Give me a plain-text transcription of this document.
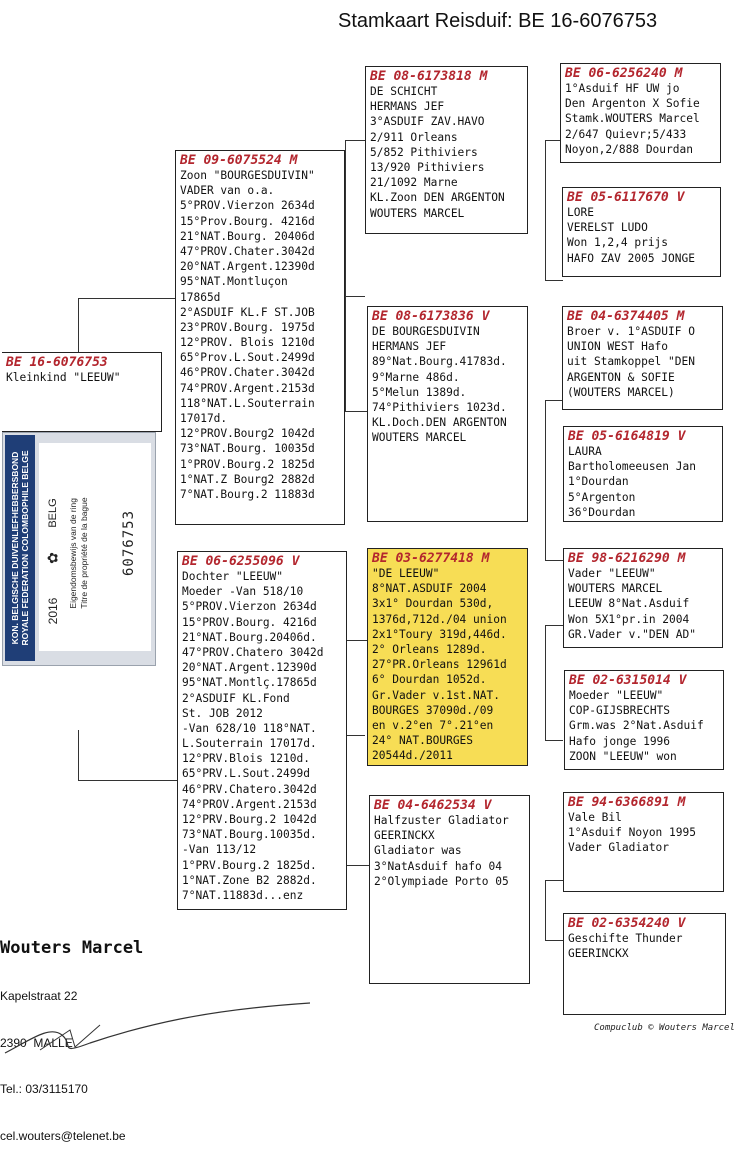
Stamkaart Reisduif: BE 16-6076753
BE 16-6076753
Kleinkind "LEEUW"
BE 09-6075524 M
Zoon "BOURGESDUIVIN"
VADER van o.a.
5°PROV.Vierzon 2634d
15°Prov.Bourg. 4216d
21°NAT.Bourg. 20406d
47°PROV.Chater.3042d
20°NAT.Argent.12390d
95°NAT.Montluçon
17865d
2°ASDUIF KL.F ST.JOB
23°PROV.Bourg. 1975d
12°PROV. Blois 1210d
65°Prov.L.Sout.2499d
46°PROV.Chater.3042d
74°PROV.Argent.2153d
118°NAT.L.Souterrain
17017d.
12°PROV.Bourg2 1042d
73°NAT.Bourg. 10035d
1°PROV.Bourg.2 1825d
1°NAT.Z Bourg2 2882d
7°NAT.Bourg.2 11883d
BE 06-6255096 V
Dochter "LEEUW"
Moeder -Van 518/10
5°PROV.Vierzon 2634d
15°PROV.Bourg. 4216d
21°NAT.Bourg.20406d.
47°PROV.Chatero 3042d
20°NAT.Argent.12390d
95°NAT.Montlç.17865d
2°ASDUIF KL.Fond
St. JOB 2012
-Van 628/10 118°NAT.
L.Souterrain 17017d.
12°PRV.Blois 1210d.
65°PRV.L.Sout.2499d
46°PRV.Chatero.3042d
74°PROV.Argent.2153d
12°PRV.Bourg.2 1042d
73°NAT.Bourg.10035d.
-Van 113/12
1°PRV.Bourg.2 1825d.
1°NAT.Zone B2 2882d.
7°NAT.11883d...enz
BE 08-6173818 M
DE SCHICHT
HERMANS JEF
3°ASDUIF ZAV.HAVO
2/911 Orleans
5/852 Pithiviers
13/920 Pithiviers
21/1092 Marne
KL.Zoon DEN ARGENTON
WOUTERS MARCEL
BE 08-6173836 V
DE BOURGESDUIVIN
HERMANS JEF
89°Nat.Bourg.41783d.
9°Marne 486d.
5°Melun 1389d.
74°Pithiviers 1023d.
KL.Doch.DEN ARGENTON
WOUTERS MARCEL
BE 03-6277418 M
"DE LEEUW"
8°NAT.ASDUIF 2004
3x1° Dourdan 530d,
1376d,712d./04 union
2x1°Toury 319d,446d.
2° Orleans 1289d.
27°PR.Orleans 12961d
6° Dourdan 1052d.
Gr.Vader v.1st.NAT.
BOURGES 37090d./09
en v.2°en 7°.21°en
24° NAT.BOURGES
20544d./2011
BE 04-6462534 V
Halfzuster Gladiator
GEERINCKX
Gladiator was
3°NatAsduif hafo 04
2°Olympiade Porto 05
BE 06-6256240 M
1°Asduif HF UW jo
Den Argenton X Sofie
Stamk.WOUTERS Marcel
2/647 Quievr;5/433
Noyon,2/888 Dourdan
BE 05-6117670 V
LORE
VERELST LUDO
Won 1,2,4 prijs
HAFO ZAV 2005 JONGE
BE 04-6374405 M
Broer v. 1°ASDUIF O
UNION WEST Hafo
uit Stamkoppel "DEN
ARGENTON & SOFIE
(WOUTERS MARCEL)
BE 05-6164819 V
LAURA
Bartholomeeusen Jan
1°Dourdan
5°Argenton
36°Dourdan
BE 98-6216290 M
Vader "LEEUW"
WOUTERS MARCEL
LEEUW 8°Nat.Asduif
Won 5X1°pr.in 2004
GR.Vader v."DEN AD"
BE 02-6315014 V
Moeder "LEEUW"
COP-GIJSBRECHTS
Grm.was 2°Nat.Asduif
Hafo jonge 1996
ZOON "LEEUW" won
BE 94-6366891 M
Vale Bil
1°Asduif Noyon 1995
Vader Gladiator
BE 02-6354240 V
Geschifte Thunder
GEERINCKX
KON. BELGISCHE DUIVENLIEFHEBBERSBOND
ROYALE FEDERATION COLOMBOPHILE BELGE
2016
BELG
✿ Eigendomsbewijs van de ring
Titre de propriété de la bague
6076753
Wouters Marcel

Kapelstraat 22

2390  MALLE

Tel.: 03/3115170

cel.wouters@telenet.be

Compuclub © Wouters Marcel
